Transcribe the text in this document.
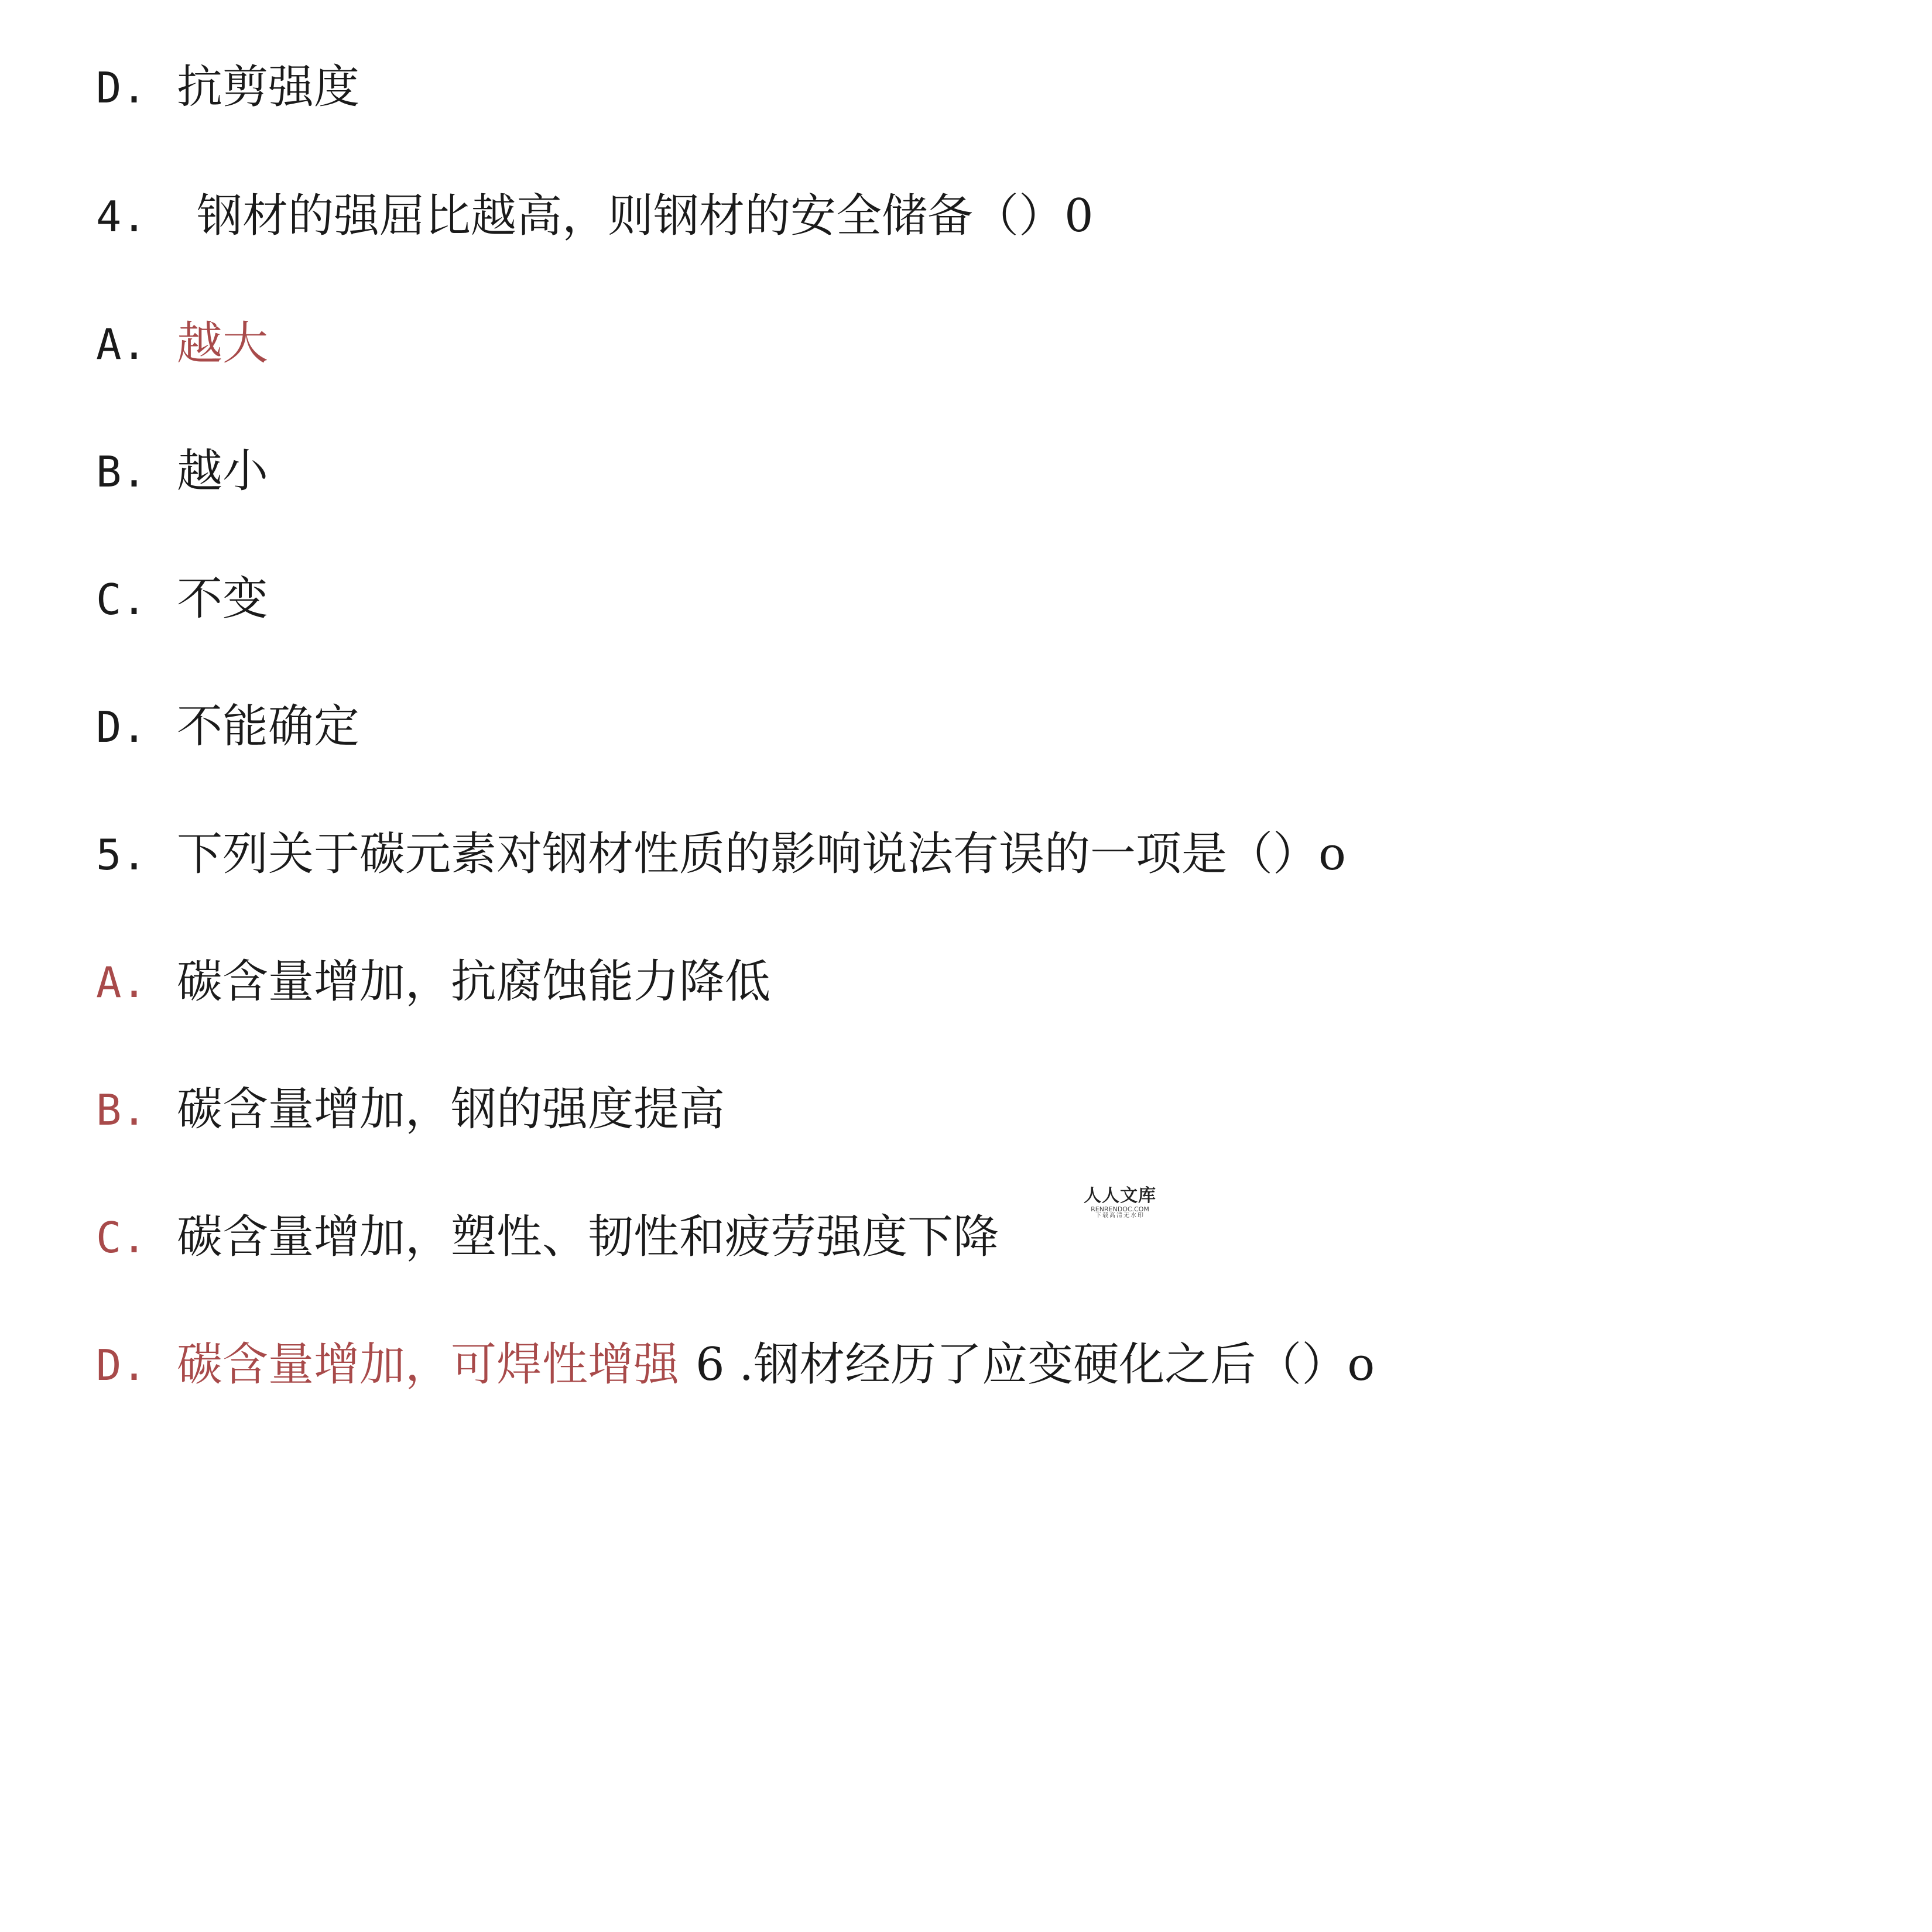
D. 抗剪强度
4. 钢材的强屈比越高，则钢材的安全储备（）0
A. 越大
B. 越小
C. 不变
D. 不能确定
5. 下列关于碳元素对钢材性质的影响说法有误的一项是（）o
A. 碳含量增加，抗腐蚀能力降低
B. 碳含量增加，钢的强度提高
C. 碳含量增加，塑性、韧性和疲劳强度下降
D. 碳含量增加，可焊性增强 6 .钢材经历了应变硬化之后（）o
人人文库
RENRENDOC.COM
下载高清无水印
